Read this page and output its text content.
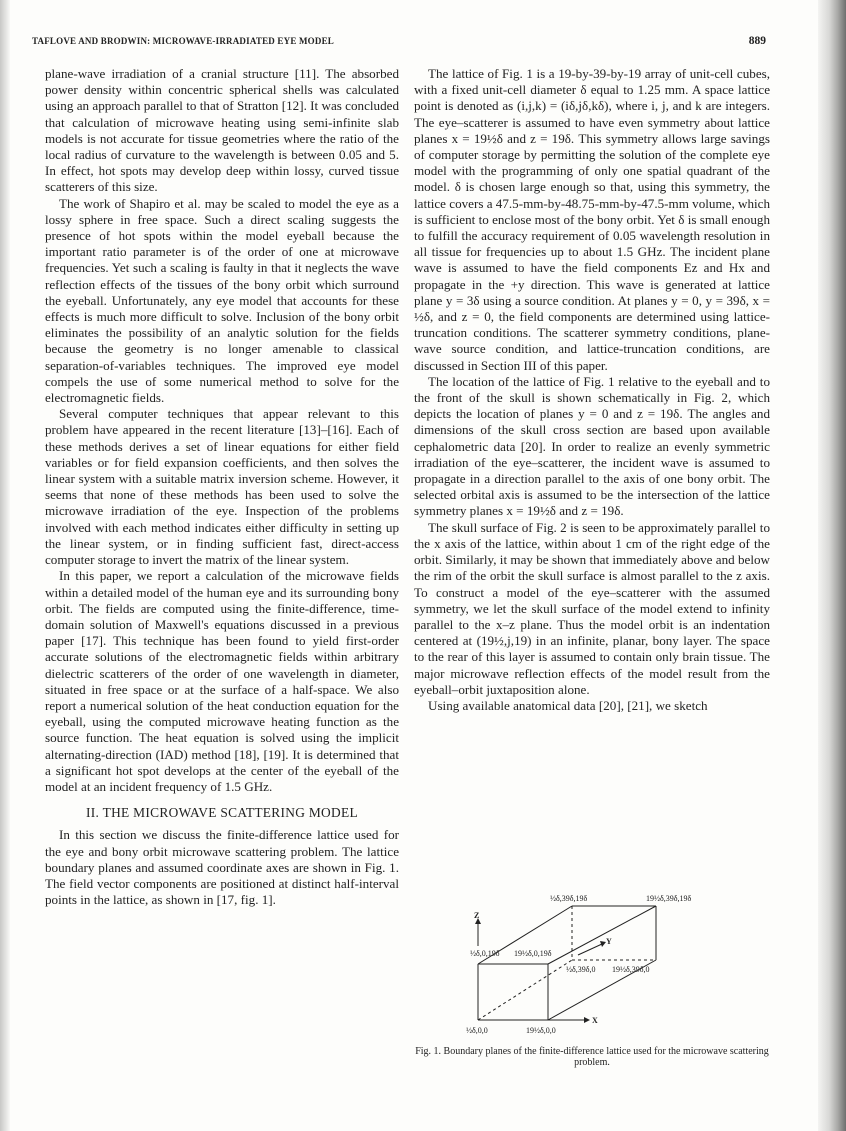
TAFLOVE AND BRODWIN: MICROWAVE-IRRADIATED EYE MODEL	889

plane-wave irradiation of a cranial structure [11]. The absorbed power density within concentric spherical shells was calculated using an approach parallel to that of Stratton [12]. It was concluded that calculation of microwave heating using semi-infinite slab models is not accurate for tissue geometries where the ratio of the local radius of curvature to the wavelength is between 0.05 and 5. In effect, hot spots may develop deep within lossy, curved tissue scatterers of this size.

The work of Shapiro et al. may be scaled to model the eye as a lossy sphere in free space. Such a direct scaling suggests the presence of hot spots within the model eyeball because the important ratio parameter is of the order of one at microwave frequencies. Yet such a scaling is faulty in that it neglects the wave reflection effects of the tissues of the bony orbit which surround the eyeball. Unfortunately, any eye model that accounts for these effects is much more difficult to solve. Inclusion of the bony orbit eliminates the possibility of an analytic solution for the fields because the geometry is no longer amenable to classical separation-of-variables techniques. The improved eye model compels the use of some numerical method to solve for the electromagnetic fields.

Several computer techniques that appear relevant to this problem have appeared in the recent literature [13]–[16]. Each of these methods derives a set of linear equations for either field variables or for field expansion coefficients, and then solves the linear system with a suitable matrix inversion scheme. However, it seems that none of these methods has been used to solve the microwave irradiation of the eye. Inspection of the problems involved with each method indicates either difficulty in setting up the linear system, or in finding sufficient fast, direct-access computer storage to invert the matrix of the linear system.

In this paper, we report a calculation of the microwave fields within a detailed model of the human eye and its surrounding bony orbit. The fields are computed using the finite-difference, time-domain solution of Maxwell's equations discussed in a previous paper [17]. This technique has been found to yield first-order accurate solutions of the electromagnetic fields within arbitrary dielectric scatterers of the order of one wavelength in diameter, situated in free space or at the surface of a half-space. We also report a numerical solution of the heat conduction equation for the eyeball, using the computed microwave heating function as the source function. The heat equation is solved using the implicit alternating-direction (IAD) method [18], [19]. It is determined that a significant hot spot develops at the center of the eyeball of the model at an incident frequency of 1.5 GHz.

II. THE MICROWAVE SCATTERING MODEL

In this section we discuss the finite-difference lattice used for the eye and bony orbit microwave scattering problem. The lattice boundary planes and assumed coordinate axes are shown in Fig. 1. The field vector components are positioned at distinct half-interval points in the lattice, as shown in [17, fig. 1].

The lattice of Fig. 1 is a 19-by-39-by-19 array of unit-cell cubes, with a fixed unit-cell diameter δ equal to 1.25 mm. A space lattice point is denoted as (i,j,k) = (iδ,jδ,kδ), where i, j, and k are integers. The eye–scatterer is assumed to have even symmetry about lattice planes x = 19½δ and z = 19δ. This symmetry allows large savings of computer storage by permitting the solution of the complete eye model with the programming of only one spatial quadrant of the model. δ is chosen large enough so that, using this symmetry, the lattice covers a 47.5-mm-by-48.75-mm-by-47.5-mm volume, which is sufficient to enclose most of the bony orbit. Yet δ is small enough to fulfill the accuracy requirement of 0.05 wavelength resolution in all tissue for frequencies up to about 1.5 GHz. The incident plane wave is assumed to have the field components Ez and Hx and propagate in the +y direction. This wave is generated at lattice plane y = 3δ using a source condition. At planes y = 0, y = 39δ, x = ½δ, and z = 0, the field components are determined using lattice-truncation conditions. The scatterer symmetry conditions, plane-wave source condition, and lattice-truncation conditions, are discussed in Section III of this paper.

The location of the lattice of Fig. 1 relative to the eyeball and to the front of the skull is shown schematically in Fig. 2, which depicts the location of planes y = 0 and z = 19δ. The angles and dimensions of the skull cross section are based upon available cephalometric data [20]. In order to realize an evenly symmetric irradiation of the eye–scatterer, the incident wave is assumed to propagate in a direction parallel to the axis of one bony orbit. The selected orbital axis is assumed to be the intersection of the lattice symmetry planes x = 19½δ and z = 19δ.

The skull surface of Fig. 2 is seen to be approximately parallel to the x axis of the lattice, within about 1 cm of the right edge of the orbit. Similarly, it may be shown that immediately above and below the rim of the orbit the skull surface is almost parallel to the z axis. To construct a model of the eye–scatterer with the assumed symmetry, we let the skull surface of the model extend to infinity parallel to the x–z plane. Thus the model orbit is an indentation centered at (19½,j,19) in an infinite, planar, bony layer. The space to the rear of this layer is assumed to contain only brain tissue. The major microwave reflection effects of the model result from the eyeball–orbit juxtaposition alone.

Using available anatomical data [20], [21], we sketch

½δ,39δ,19δ	19½δ,39δ,19δ
Z
½δ,0,19δ 19½δ,0,19δ
Y
½δ,39δ,0 19½δ,39δ,0
X
½δ,0,0	19½δ,0,0
Fig. 1. Boundary planes of the finite-difference lattice used for the microwave scattering problem.
